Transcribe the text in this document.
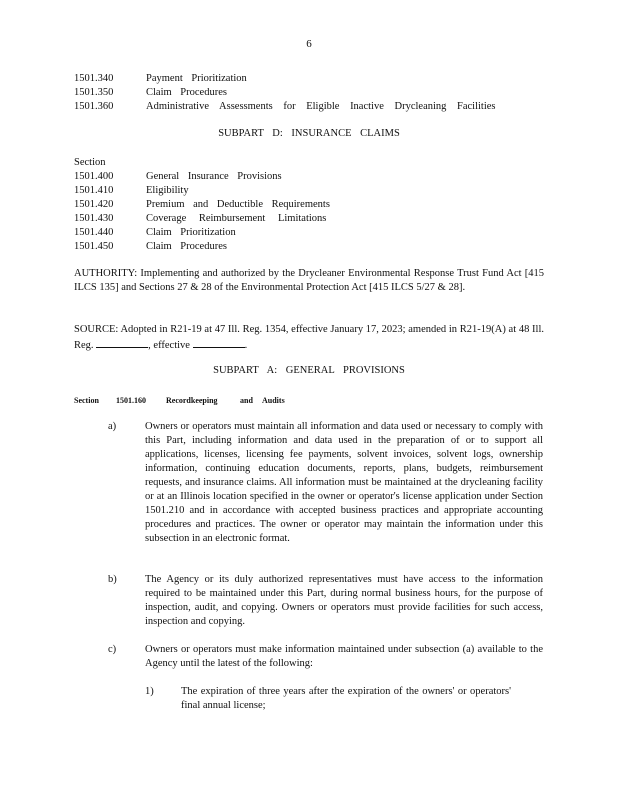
6
1501.340	Payment Prioritization
1501.350	Claim Procedures
1501.360	Administrative Assessments for Eligible Inactive Drycleaning Facilities
SUBPART D: INSURANCE CLAIMS
Section
1501.400	General Insurance Provisions
1501.410	Eligibility
1501.420	Premium and Deductible Requirements
1501.430	Coverage Reimbursement Limitations
1501.440	Claim Prioritization
1501.450	Claim Procedures
AUTHORITY: Implementing and authorized by the Drycleaner Environmental Response Trust Fund Act [415 ILCS 135] and Sections 27 & 28 of the Environmental Protection Act [415 ILCS 5/27 & 28].
SOURCE: Adopted in R21-19 at 47 Ill. Reg. 1354, effective January 17, 2023; amended in R21-19(A) at 48 Ill. Reg.	, effective	.
SUBPART A: GENERAL PROVISIONS
Section 1501.160	Recordkeeping	and Audits
a)	Owners or operators must maintain all information and data used or necessary to comply with this Part, including information and data used in the preparation of or to support all applications, licenses, licensing fee payments, solvent invoices, solvent logs, ownership information, continuing education documents, reports, plans, budgets, reimbursement requests, and insurance claims. All information must be maintained at the drycleaning facility or at an Illinois location specified in the owner or operator's license application under Section 1501.210 and in accordance with accepted business practices and appropriate accounting procedures and practices. The owner or operator may maintain the information under this subsection in an electronic format.
b)	The Agency or its duly authorized representatives must have access to the information required to be maintained under this Part, during normal business hours, for the purpose of inspection, audit, and copying. Owners or operators must provide facilities for such access, inspection and copying.
c)	Owners or operators must make information maintained under subsection (a) available to the Agency until the latest of the following:
1)	The expiration of three years after the expiration of the owners' or operators' final annual license;
